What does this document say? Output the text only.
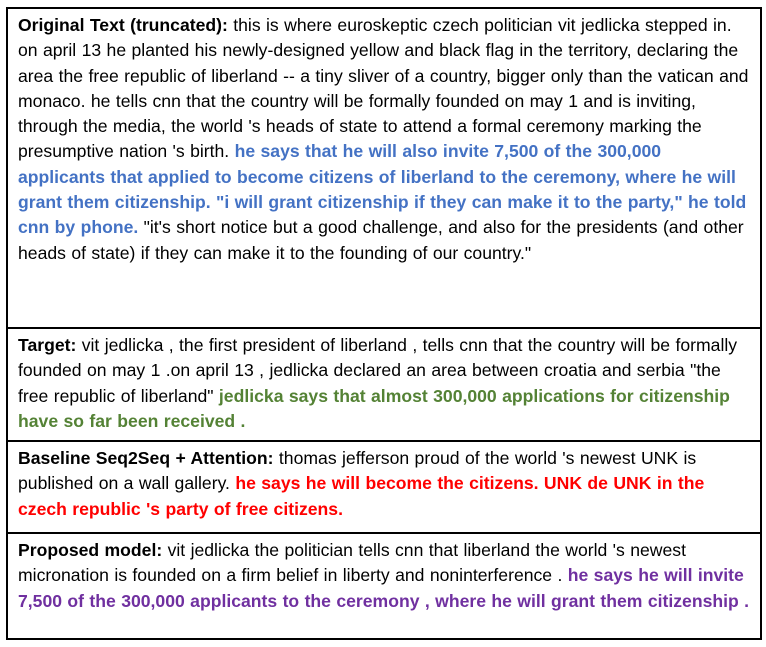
Original Text (truncated): this is where euroskeptic czech politician vit jedlicka stepped in. on april 13 he planted his newly-designed yellow and black flag in the territory, declaring the area the free republic of liberland -- a tiny sliver of a country, bigger only than the vatican and monaco. he tells cnn that the country will be formally founded on may 1 and is inviting, through the media, the world 's heads of state to attend a formal ceremony marking the presumptive nation 's birth. he says that he will also invite 7,500 of the 300,000 applicants that applied to become citizens of liberland to the ceremony, where he will grant them citizenship. "i will grant citizenship if they can make it to the party," he told cnn by phone. "it's short notice but a good challenge, and also for the presidents (and other heads of state) if they can make it to the founding of our country."
Target: vit jedlicka , the first president of liberland , tells cnn that the country will be formally founded on may 1 .on april 13 , jedlicka declared an area between croatia and serbia "the free republic of liberland" jedlicka says that almost 300,000 applications for citizenship have so far been received .
Baseline Seq2Seq + Attention: thomas jefferson proud of the world 's newest UNK is published on a wall gallery. he says he will become the citizens. UNK de UNK in the czech republic 's party of free citizens.
Proposed model: vit jedlicka the politician tells cnn that liberland the world 's newest micronation is founded on a firm belief in liberty and noninterference . he says he will invite 7,500 of the 300,000 applicants to the ceremony , where he will grant them citizenship .
